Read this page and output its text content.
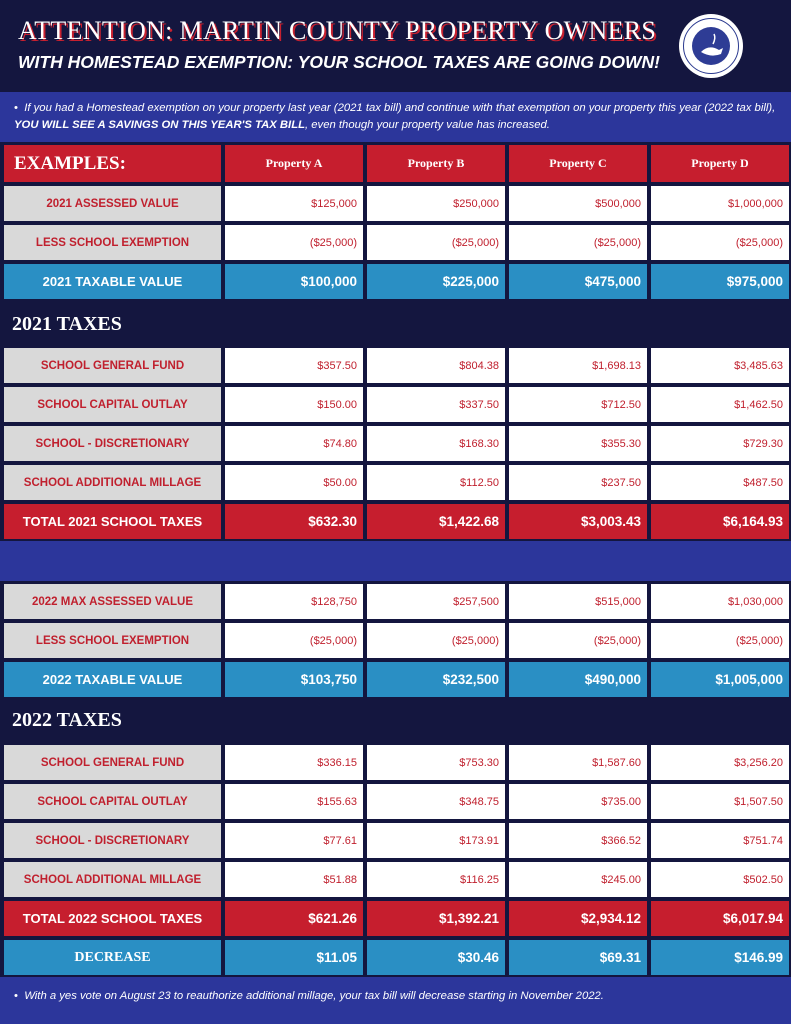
ATTENTION: MARTIN COUNTY PROPERTY OWNERS
WITH HOMESTEAD EXEMPTION: YOUR SCHOOL TAXES ARE GOING DOWN!
•  If you had a Homestead exemption on your property last year (2021 tax bill) and continue with that exemption on your property this year (2022 tax bill), YOU WILL SEE A SAVINGS ON THIS YEAR'S TAX BILL, even though your property value has increased.
EXAMPLES:	Property A	Property B	Property C	Property D
2021 ASSESSED VALUE	$125,000	$250,000	$500,000	$1,000,000
LESS SCHOOL EXEMPTION	($25,000)	($25,000)	($25,000)	($25,000)
2021 TAXABLE VALUE	$100,000	$225,000	$475,000	$975,000
2021 TAXES
SCHOOL GENERAL FUND	$357.50	$804.38	$1,698.13	$3,485.63
SCHOOL CAPITAL OUTLAY	$150.00	$337.50	$712.50	$1,462.50
SCHOOL - DISCRETIONARY	$74.80	$168.30	$355.30	$729.30
SCHOOL ADDITIONAL MILLAGE	$50.00	$112.50	$237.50	$487.50
TOTAL 2021 SCHOOL TAXES	$632.30	$1,422.68	$3,003.43	$6,164.93
2022 MAX ASSESSED VALUE	$128,750	$257,500	$515,000	$1,030,000
LESS SCHOOL EXEMPTION	($25,000)	($25,000)	($25,000)	($25,000)
2022 TAXABLE VALUE	$103,750	$232,500	$490,000	$1,005,000
2022 TAXES
SCHOOL GENERAL FUND	$336.15	$753.30	$1,587.60	$3,256.20
SCHOOL CAPITAL OUTLAY	$155.63	$348.75	$735.00	$1,507.50
SCHOOL - DISCRETIONARY	$77.61	$173.91	$366.52	$751.74
SCHOOL ADDITIONAL MILLAGE	$51.88	$116.25	$245.00	$502.50
TOTAL 2022 SCHOOL TAXES	$621.26	$1,392.21	$2,934.12	$6,017.94
DECREASE	$11.05	$30.46	$69.31	$146.99
•  With a yes vote on August 23 to reauthorize additional millage, your tax bill will decrease starting in November 2022.
